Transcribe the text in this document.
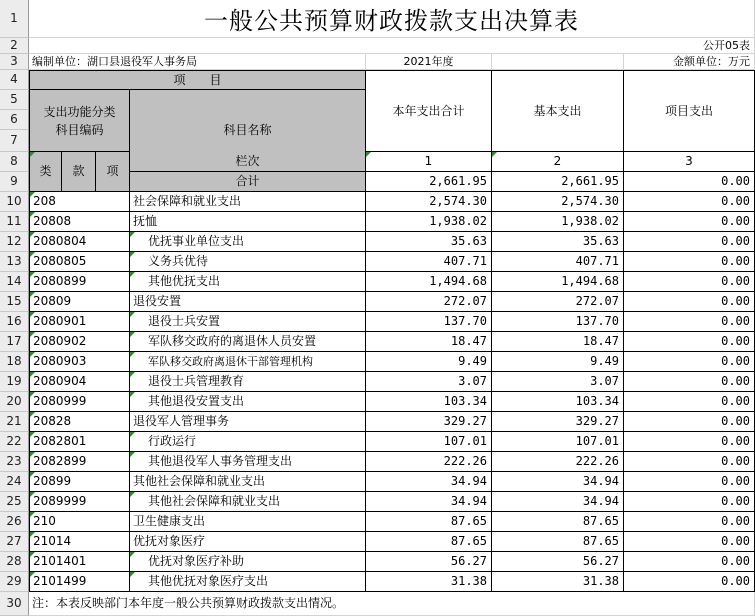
1
2
3
4
5
6
7
8
9
10
11
12
13
14
15
16
17
18
19
20
21
22
23
24
25
26
27
28
29
30
一般公共预算财政拨款支出决算表
公开05表
编制单位：湖口县退役军人事务局	2021年度	金额单位：万元
项　　目
支出功能分类
科目编码	科目名称
本年支出合计	基本支出	项目支出
类	款	项
栏次	1	2	3
合计	2,661.95	2,661.95	0.00
208	社会保障和就业支出	2,574.30	2,574.30	0.00
20808	抚恤	1,938.02	1,938.02	0.00
2080804	优抚事业单位支出	35.63	35.63	0.00
2080805	义务兵优待	407.71	407.71	0.00
2080899	其他优抚支出	1,494.68	1,494.68	0.00
20809	退役安置	272.07	272.07	0.00
2080901	退役士兵安置	137.70	137.70	0.00
2080902	军队移交政府的离退休人员安置	18.47	18.47	0.00
2080903	军队移交政府离退休干部管理机构	9.49	9.49	0.00
2080904	退役士兵管理教育	3.07	3.07	0.00
2080999	其他退役安置支出	103.34	103.34	0.00
20828	退役军人管理事务	329.27	329.27	0.00
2082801	行政运行	107.01	107.01	0.00
2082899	其他退役军人事务管理支出	222.26	222.26	0.00
20899	其他社会保障和就业支出	34.94	34.94	0.00
2089999	其他社会保障和就业支出	34.94	34.94	0.00
210	卫生健康支出	87.65	87.65	0.00
21014	优抚对象医疗	87.65	87.65	0.00
2101401	优抚对象医疗补助	56.27	56.27	0.00
2101499	其他优抚对象医疗支出	31.38	31.38	0.00
注：本表反映部门本年度一般公共预算财政拨款支出情况。
